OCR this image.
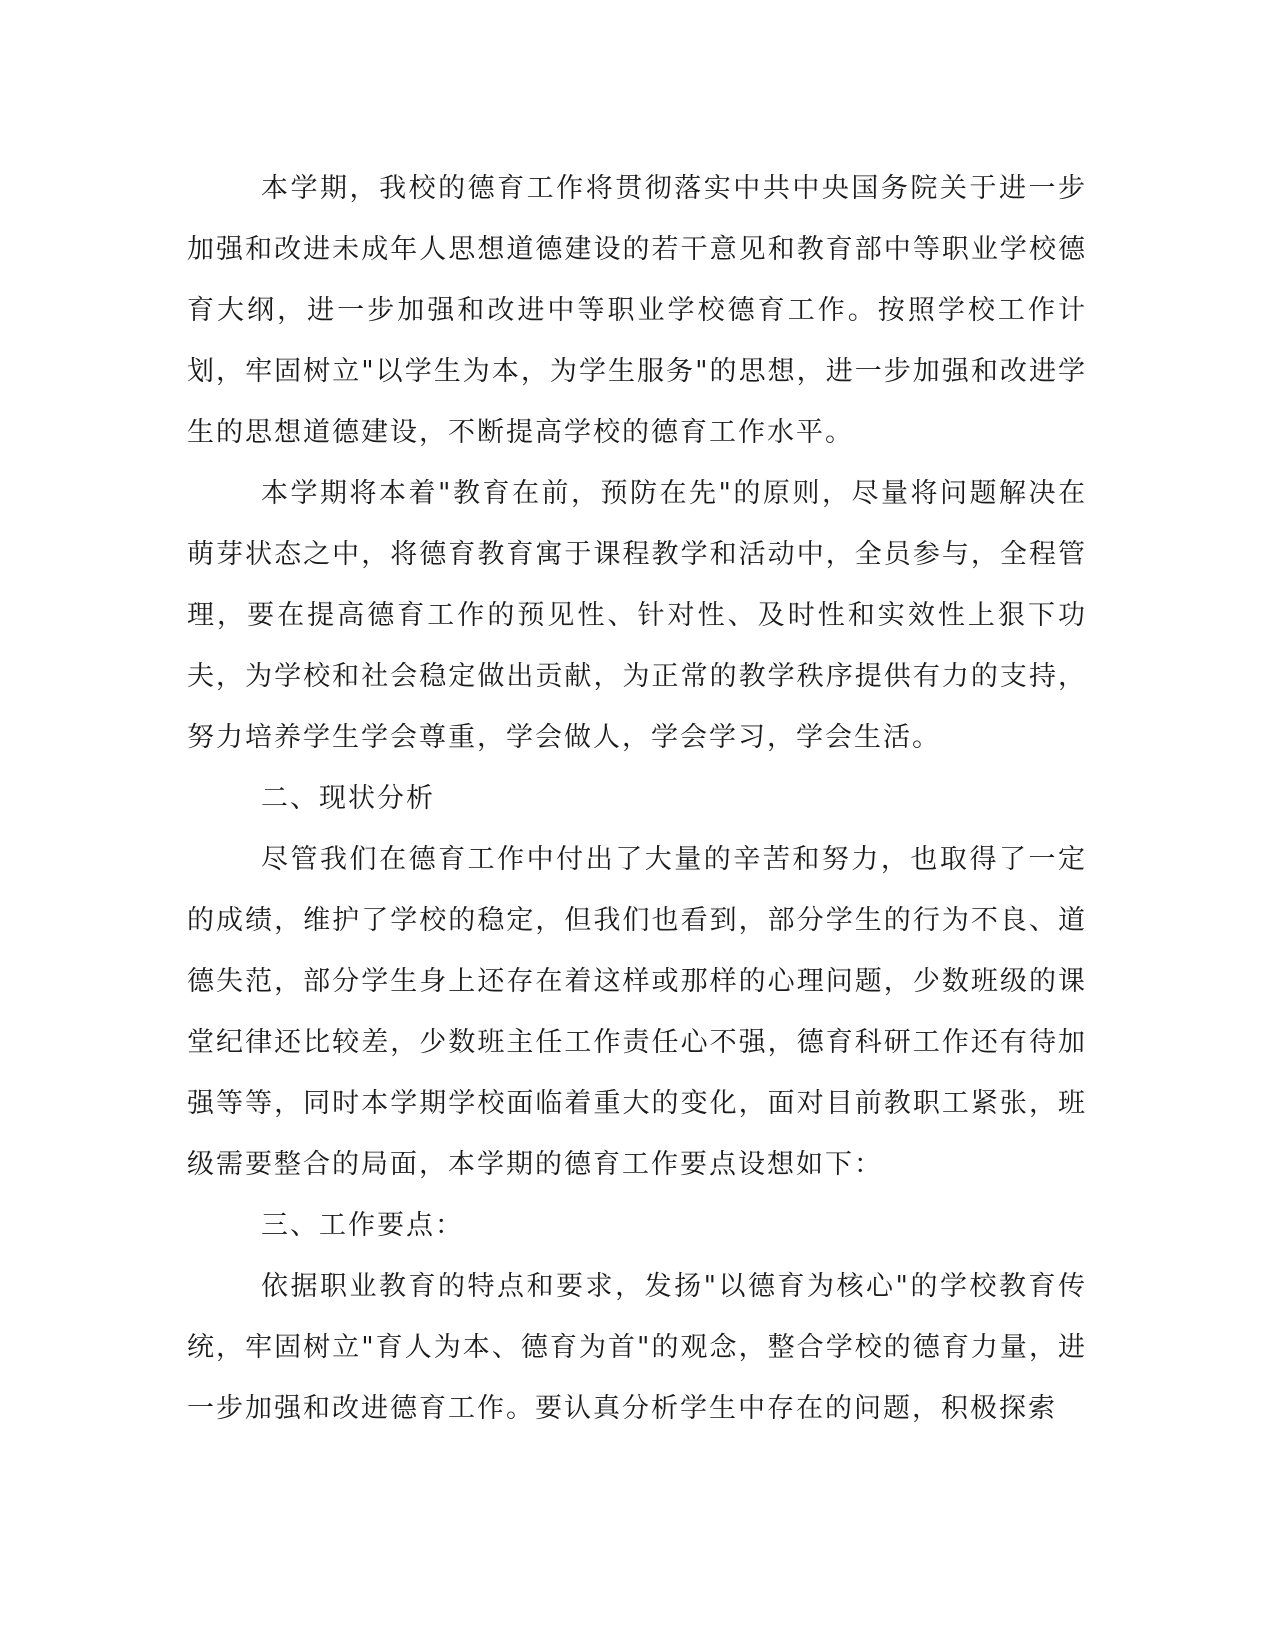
本学期，我校的德育工作将贯彻落实中共中央国务院关于进一步加强和改进未成年人思想道德建设的若干意见和教育部中等职业学校德育大纲，进一步加强和改进中等职业学校德育工作。按照学校工作计划，牢固树立"以学生为本，为学生服务"的思想，进一步加强和改进学生的思想道德建设，不断提高学校的德育工作水平。

本学期将本着"教育在前，预防在先"的原则，尽量将问题解决在萌芽状态之中，将德育教育寓于课程教学和活动中，全员参与，全程管理，要在提高德育工作的预见性、针对性、及时性和实效性上狠下功夫，为学校和社会稳定做出贡献，为正常的教学秩序提供有力的支持，努力培养学生学会尊重，学会做人，学会学习，学会生活。

二、现状分析

尽管我们在德育工作中付出了大量的辛苦和努力，也取得了一定的成绩，维护了学校的稳定，但我们也看到，部分学生的行为不良、道德失范，部分学生身上还存在着这样或那样的心理问题，少数班级的课堂纪律还比较差，少数班主任工作责任心不强，德育科研工作还有待加强等等，同时本学期学校面临着重大的变化，面对目前教职工紧张，班级需要整合的局面，本学期的德育工作要点设想如下：

三、工作要点：

依据职业教育的特点和要求，发扬"以德育为核心"的学校教育传统，牢固树立"育人为本、德育为首"的观念，整合学校的德育力量，进一步加强和改进德育工作。要认真分析学生中存在的问题，积极探索
